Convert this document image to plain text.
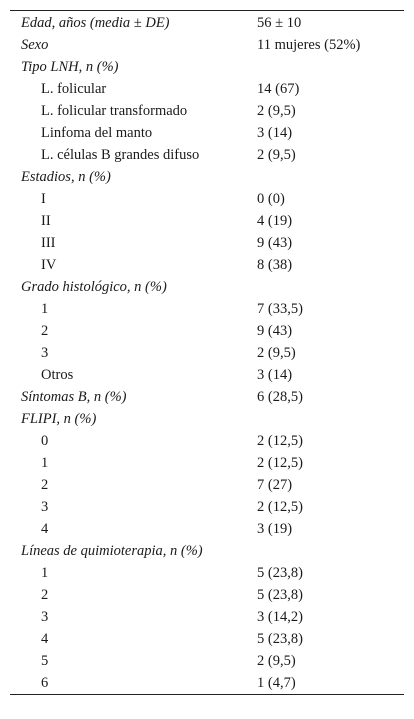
Edad, años (media ± DE)	56 ± 10
Sexo	11 mujeres (52%)
Tipo LNH, n (%)
L. folicular	14 (67)
L. folicular transformado	2 (9,5)
Linfoma del manto	3 (14)
L. células B grandes difuso	2 (9,5)
Estadios, n (%)
I	0 (0)
II	4 (19)
III	9 (43)
IV	8 (38)
Grado histológico, n (%)
1	7 (33,5)
2	9 (43)
3	2 (9,5)
Otros	3 (14)
Síntomas B, n (%)	6 (28,5)
FLIPI, n (%)
0	2 (12,5)
1	2 (12,5)
2	7 (27)
3	2 (12,5)
4	3 (19)
Líneas de quimioterapia, n (%)
1	5 (23,8)
2	5 (23,8)
3	3 (14,2)
4	5 (23,8)
5	2 (9,5)
6	1 (4,7)
